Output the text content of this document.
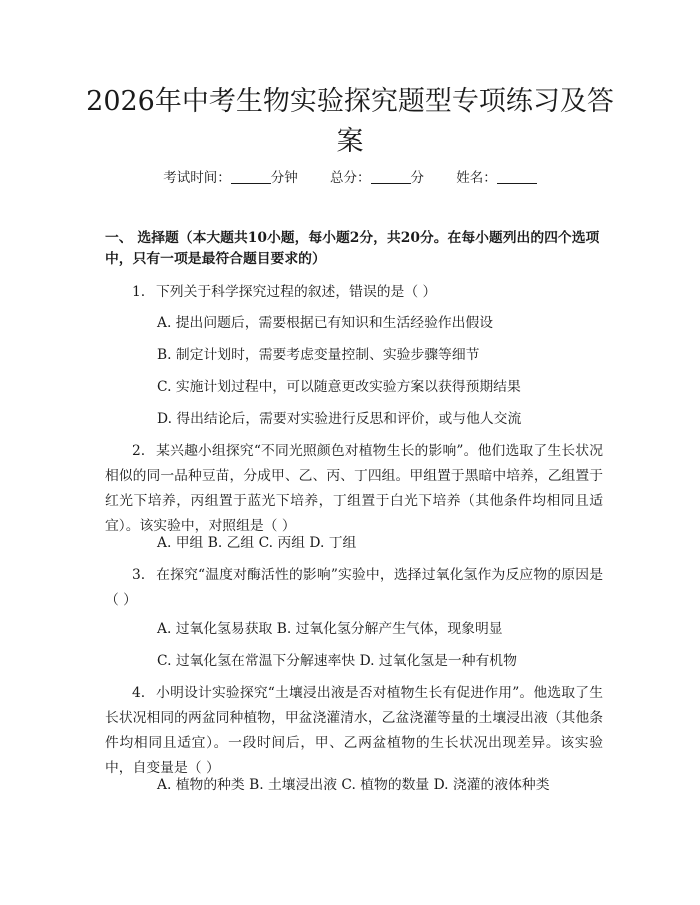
2026年中考生物实验探究题型专项练习及答案
考试时间：	分钟 总分：	分 姓名：

一、 选择题（本大题共10小题，每小题2分，共20分。在每小题列出的四个选项中，只有一项是最符合题目要求的）

1. 下列关于科学探究过程的叙述，错误的是（ ）

A. 提出问题后，需要根据已有知识和生活经验作出假设

B. 制定计划时，需要考虑变量控制、实验步骤等细节

C. 实施计划过程中，可以随意更改实验方案以获得预期结果

D. 得出结论后，需要对实验进行反思和评价，或与他人交流

2. 某兴趣小组探究“不同光照颜色对植物生长的影响”。他们选取了生长状况相似的同一品种豆苗，分成甲、乙、丙、丁四组。甲组置于黑暗中培养，乙组置于红光下培养，丙组置于蓝光下培养，丁组置于白光下培养（其他条件均相同且适宜）。该实验中，对照组是（ ）

A. 甲组 B. 乙组 C. 丙组 D. 丁组

3. 在探究“温度对酶活性的影响”实验中，选择过氧化氢作为反应物的原因是（ ）

A. 过氧化氢易获取 B. 过氧化氢分解产生气体，现象明显

C. 过氧化氢在常温下分解速率快 D. 过氧化氢是一种有机物

4. 小明设计实验探究“土壤浸出液是否对植物生长有促进作用”。他选取了生长状况相同的两盆同种植物，甲盆浇灌清水，乙盆浇灌等量的土壤浸出液（其他条件均相同且适宜）。一段时间后，甲、乙两盆植物的生长状况出现差异。该实验中，自变量是（ ）

A. 植物的种类 B. 土壤浸出液 C. 植物的数量 D. 浇灌的液体种类
